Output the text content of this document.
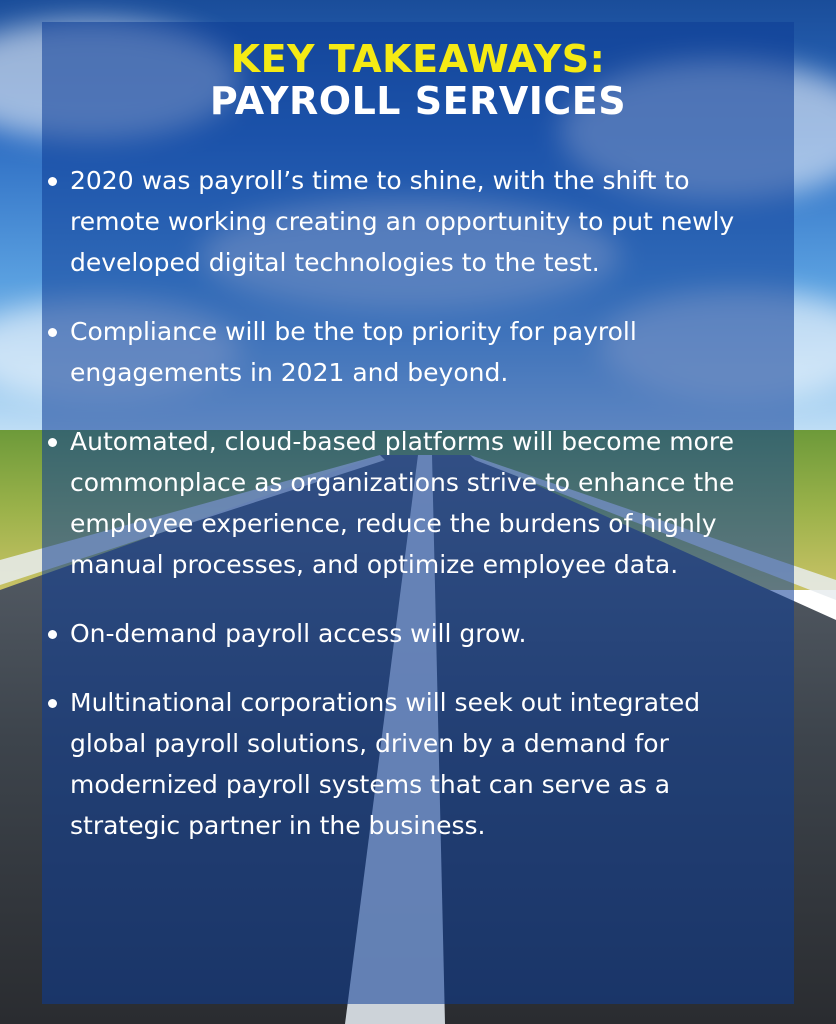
KEY TAKEAWAYS:
PAYROLL SERVICES
2020 was payroll’s time to shine, with the shift to remote working creating an opportunity to put newly developed digital technologies to the test.
Compliance will be the top priority for payroll engagements in 2021 and beyond.
Automated, cloud-based platforms will become more commonplace as organizations strive to enhance the employee experience, reduce the burdens of highly manual processes, and optimize employee data.
On-demand payroll access will grow.
Multinational corporations will seek out integrated global payroll solutions, driven by a demand for modernized payroll systems that can serve as a strategic partner in the business.
